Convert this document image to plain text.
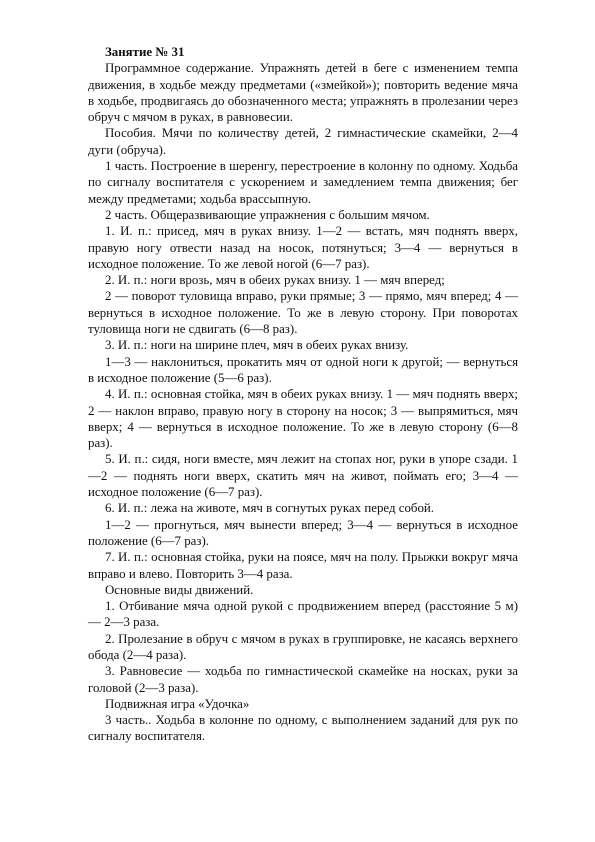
Занятие № 31

Программное содержание. Упражнять детей в беге с изменением темпа движения, в ходьбе между предметами («змейкой»); повторить ведение мяча в ходьбе, продвигаясь до обозначенного места; упражнять в пролезании через обруч с мячом в руках, в равновесии.

Пособия. Мячи по количеству детей, 2 гимнастические скамейки, 2—4 дуги (обруча).

1 часть. Построение в шеренгу, перестроение в колонну по одному. Ходьба по сигналу воспитателя с ускорением и замедлением темпа движения; бег между предметами; ходьба врассыпную.

2 часть. Общеразвивающие упражнения с большим мячом.

1. И. п.: присед, мяч в руках внизу. 1—2 — встать, мяч поднять вверх, правую ногу отвести назад на носок, потянуться; 3—4 — вернуться в исходное положение. То же левой ногой (6—7 раз).

2. И. п.: ноги врозь, мяч в обеих руках внизу. 1 — мяч вперед;

2 — поворот туловища вправо, руки прямые; 3 — прямо, мяч вперед; 4 — вернуться в исходное положение. То же в левую сторону. При поворотах туловища ноги не сдвигать (6—8 раз).

3. И. п.: ноги на ширине плеч, мяч в обеих руках внизу.

1—3 — наклониться, прокатить мяч от одной ноги к другой; — вернуться в исходное положение (5—6 раз).

4. И. п.: основная стойка, мяч в обеих руках внизу. 1 — мяч поднять вверх; 2 — наклон вправо, правую ногу в сторону на носок; 3 — выпрямиться, мяч вверх; 4 — вернуться в исходное положение. То же в левую сторону (6—8 раз).

5. И. п.: сидя, ноги вместе, мяч лежит на стопах ног, руки в упоре сзади. 1 —2 — поднять ноги вверх, скатить мяч на живот, поймать его; 3—4 — исходное положение (6—7 раз).

6. И. п.: лежа на животе, мяч в согнутых руках перед собой.

1—2 — прогнуться, мяч вынести вперед; 3—4 — вернуться в исходное положение (6—7 раз).

7. И. п.: основная стойка, руки на поясе, мяч на полу. Прыжки вокруг мяча вправо и влево. Повторить 3—4 раза.

Основные виды движений.

1. Отбивание мяча одной рукой с продвижением вперед (расстояние 5 м) — 2—3 раза.

2. Пролезание в обруч с мячом в руках в группировке, не касаясь верхнего обода (2—4 раза).

3. Равновесие — ходьба по гимнастической скамейке на носках, руки за головой (2—3 раза).

Подвижная игра «Удочка»

3 часть.. Ходьба в колонне по одному, с выполнением заданий для рук по сигналу воспитателя.
